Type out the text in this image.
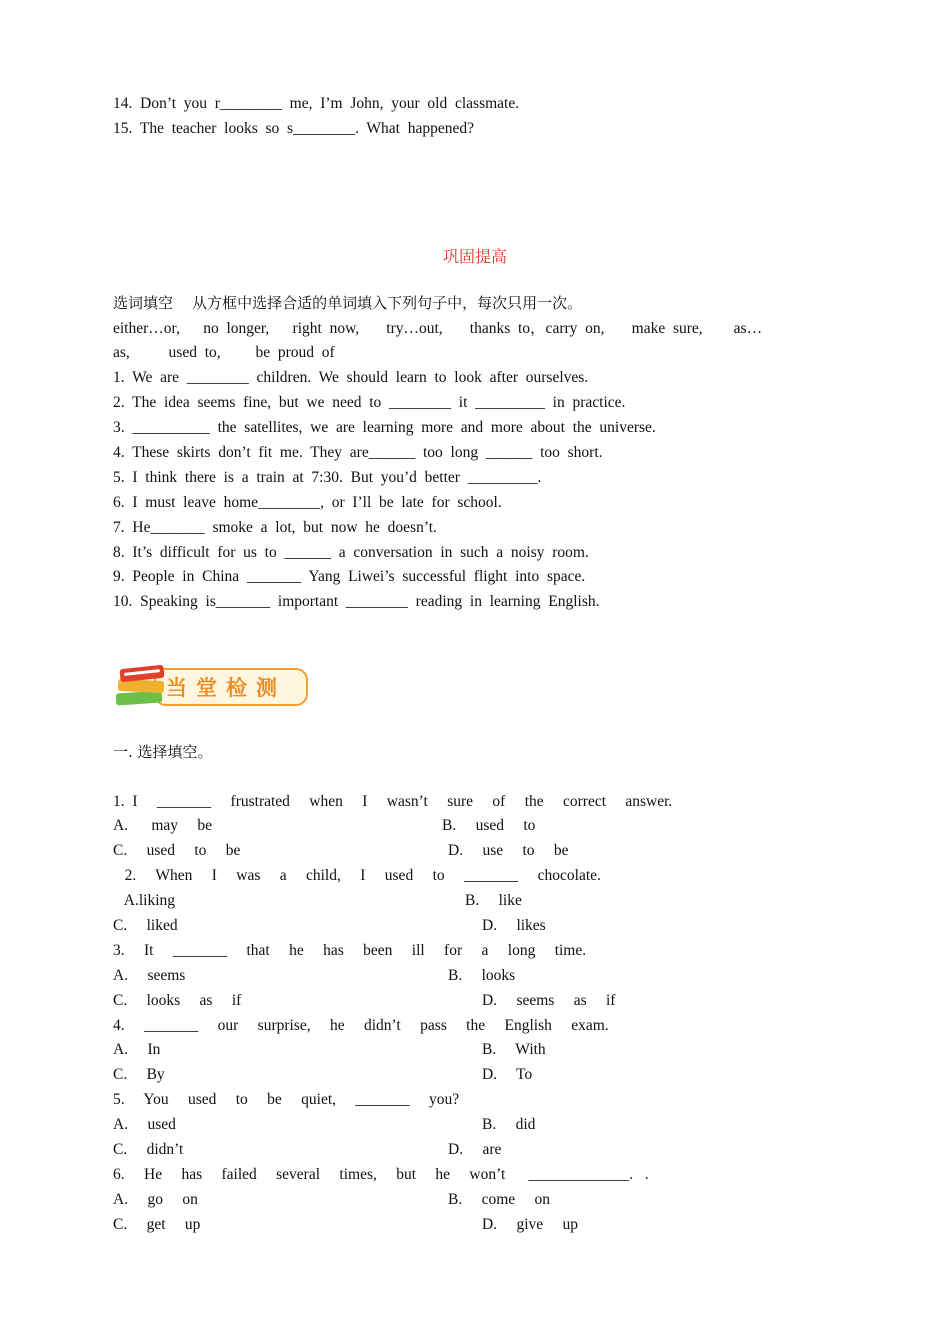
14.  Don’t  you  r________  me,  I’m  John,  your  old  classmate.
15.  The  teacher  looks  so  s________.  What  happened?
巩固提高
选词填空    从方框中选择合适的单词填入下列句子中，每次只用一次。
either…or,      no  longer,      right  now,       try…out,       thanks  to，carry  on,       make  sure,        as…
as,          used  to,         be  proud  of
1.  We  are  ________  children.  We  should  learn  to  look  after  ourselves.
2.  The  idea  seems  fine,  but  we  need  to  ________  it  _________  in  practice.
3.  __________  the  satellites,  we  are  learning  more  and  more  about  the  universe.
4.  These  skirts  don’t  fit  me.  They  are______  too  long  ______  too  short.
5.  I  think  there  is  a  train  at  7:30.  But  you’d  better  _________.
6.  I  must  leave  home________,  or  I’ll  be  late  for  school.
7.  He_______  smoke  a  lot,  but  now  he  doesn’t.
8.  It’s  difficult  for  us  to  ______  a  conversation  in  such  a  noisy  room.
9.  People  in  China  _______  Yang  Liwei’s  successful  flight  into  space.
10.  Speaking  is_______  important  ________  reading  in  learning  English.
当堂检测
一. 选择填空。
1.  I     _______     frustrated     when     I     wasn’t     sure     of     the     correct     answer.
A.      may     be	B.     used     to
C.     used     to     be	D.     use     to     be
2.     When     I     was     a     child,     I     used     to     _______     chocolate.
A.liking	B.     like
C.     liked	D.     likes
3.     It     _______     that     he     has     been     ill     for     a     long     time.
A.     seems	B.     looks
C.     looks     as     if	D.     seems     as     if
4.     _______     our     surprise,     he     didn’t     pass     the     English     exam.
A.     In	B.     With
C.     By	D.     To
5.     You     used     to     be     quiet,     _______     you?
A.     used	B.     did
C.     didn’t	D.     are
6.     He     has     failed     several     times,     but     he     won’t      _____________.   .
A.     go     on	B.     come     on
C.     get     up	D.     give     up
